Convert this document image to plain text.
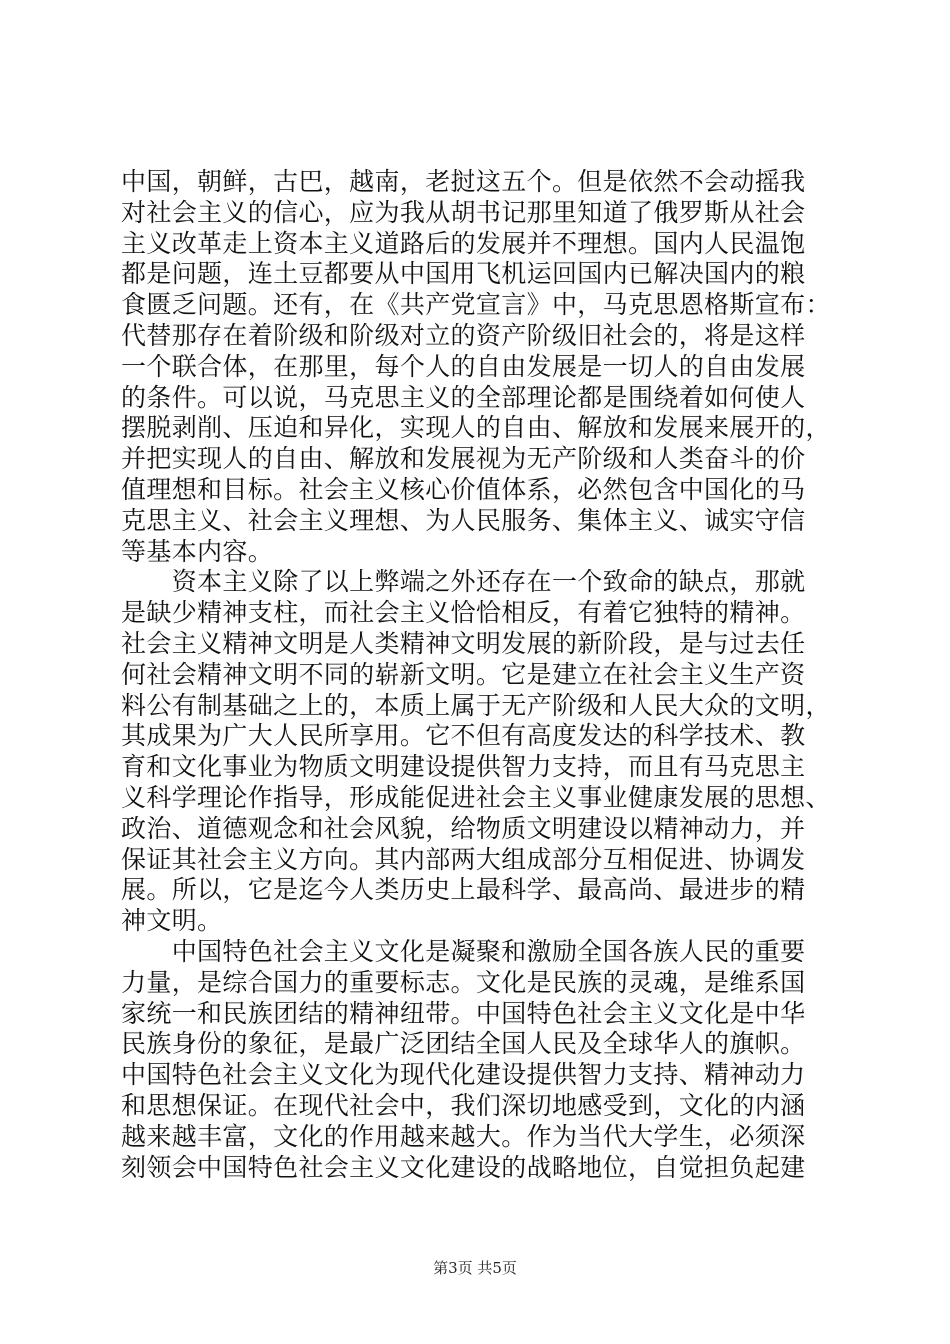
中国，朝鲜，古巴，越南，老挝这五个。但是依然不会动摇我
对社会主义的信心，应为我从胡书记那里知道了俄罗斯从社会
主义改革走上资本主义道路后的发展并不理想。国内人民温饱
都是问题，连土豆都要从中国用飞机运回国内已解决国内的粮
食匮乏问题。还有，在《共产党宣言》中，马克思恩格斯宣布：
代替那存在着阶级和阶级对立的资产阶级旧社会的，将是这样
一个联合体，在那里，每个人的自由发展是一切人的自由发展
的条件。可以说，马克思主义的全部理论都是围绕着如何使人
摆脱剥削、压迫和异化，实现人的自由、解放和发展来展开的，
并把实现人的自由、解放和发展视为无产阶级和人类奋斗的价
值理想和目标。社会主义核心价值体系，必然包含中国化的马
克思主义、社会主义理想、为人民服务、集体主义、诚实守信
等基本内容。
　　资本主义除了以上弊端之外还存在一个致命的缺点，那就
是缺少精神支柱，而社会主义恰恰相反，有着它独特的精神。
社会主义精神文明是人类精神文明发展的新阶段，是与过去任
何社会精神文明不同的崭新文明。它是建立在社会主义生产资
料公有制基础之上的，本质上属于无产阶级和人民大众的文明，
其成果为广大人民所享用。它不但有高度发达的科学技术、教
育和文化事业为物质文明建设提供智力支持，而且有马克思主
义科学理论作指导，形成能促进社会主义事业健康发展的思想、
政治、道德观念和社会风貌，给物质文明建设以精神动力，并
保证其社会主义方向。其内部两大组成部分互相促进、协调发
展。所以，它是迄今人类历史上最科学、最高尚、最进步的精
神文明。
　　中国特色社会主义文化是凝聚和激励全国各族人民的重要
力量，是综合国力的重要标志。文化是民族的灵魂，是维系国
家统一和民族团结的精神纽带。中国特色社会主义文化是中华
民族身份的象征，是最广泛团结全国人民及全球华人的旗帜。
中国特色社会主义文化为现代化建设提供智力支持、精神动力
和思想保证。在现代社会中，我们深切地感受到，文化的内涵
越来越丰富，文化的作用越来越大。作为当代大学生，必须深
刻领会中国特色社会主义文化建设的战略地位，自觉担负起建
第3页 共5页
